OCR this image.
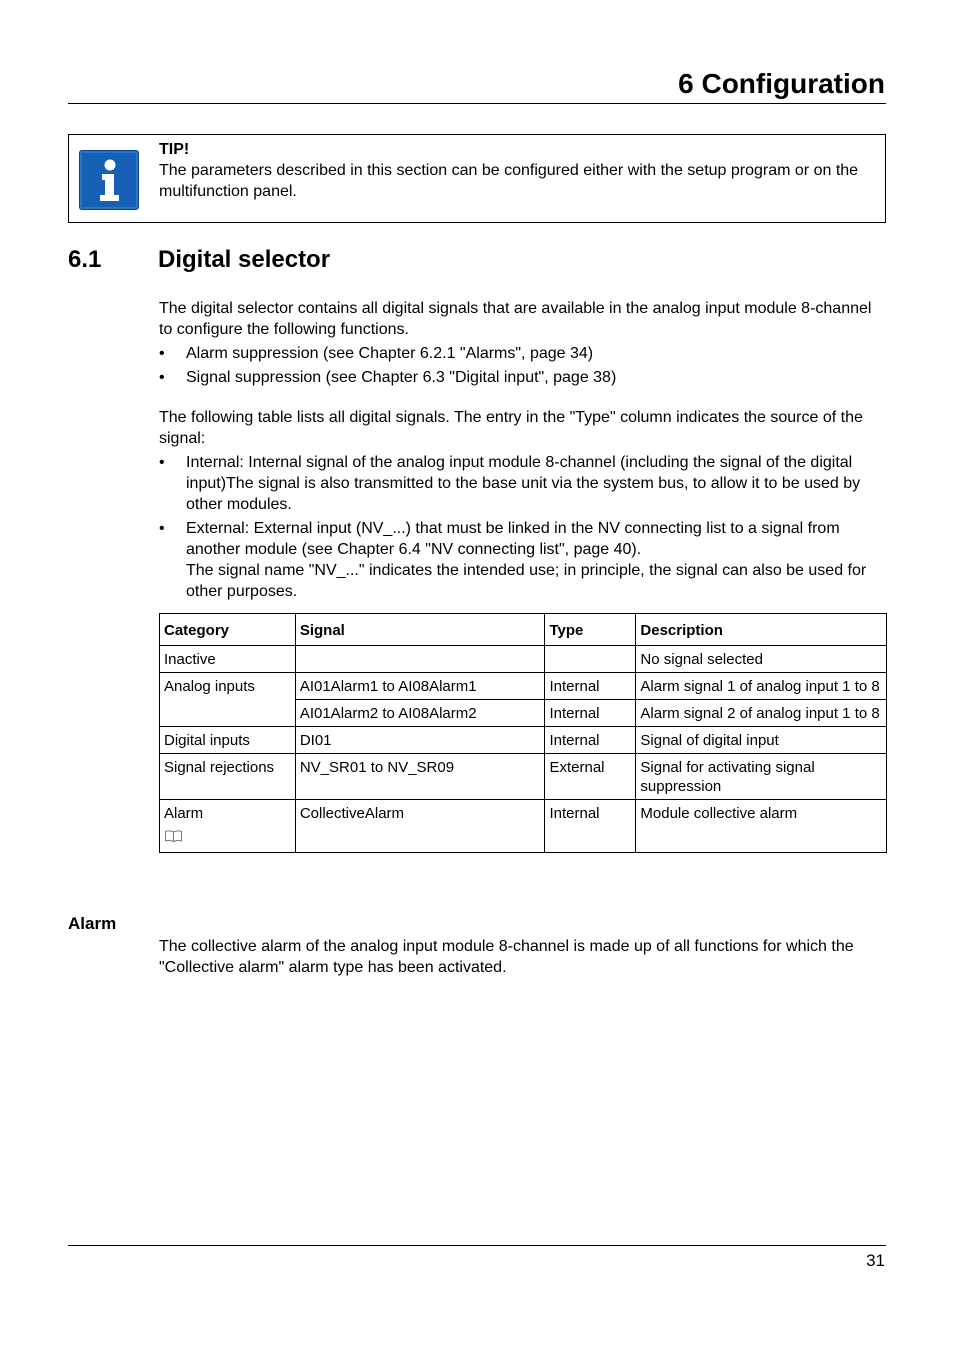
6 Configuration
TIP!
The parameters described in this section can be configured either with the setup program or on the multifunction panel.
6.1 Digital selector

The digital selector contains all digital signals that are available in the analog input module 8-channel to configure the following functions.

• Alarm suppression (see Chapter 6.2.1 "Alarms", page 34)
• Signal suppression (see Chapter 6.3 "Digital input", page 38)

The following table lists all digital signals. The entry in the "Type" column indicates the source of the signal:

• Internal: Internal signal of the analog input module 8-channel (including the signal of the digital input)The signal is also transmitted to the base unit via the system bus, to allow it to be used by other modules.
• External: External input (NV_...) that must be linked in the NV connecting list to a signal from another module (see Chapter 6.4 "NV connecting list", page 40).
The signal name "NV_..." indicates the intended use; in principle, the signal can also be used for other purposes.
Category	Signal	Type	Description
Inactive			No signal selected
Analog inputs	AI01Alarm1 to AI08Alarm1	Internal	Alarm signal 1 of analog input 1 to 8
	AI01Alarm2 to AI08Alarm2	Internal	Alarm signal 2 of analog input 1 to 8
Digital inputs	DI01	Internal	Signal of digital input
Signal rejections	NV_SR01 to NV_SR09	External	Signal for activating signal suppression

Alarm	CollectiveAlarm	Internal	Module collective alarm
Alarm

The collective alarm of the analog input module 8-channel is made up of all functions for which the "Collective alarm" alarm type has been activated.

31
